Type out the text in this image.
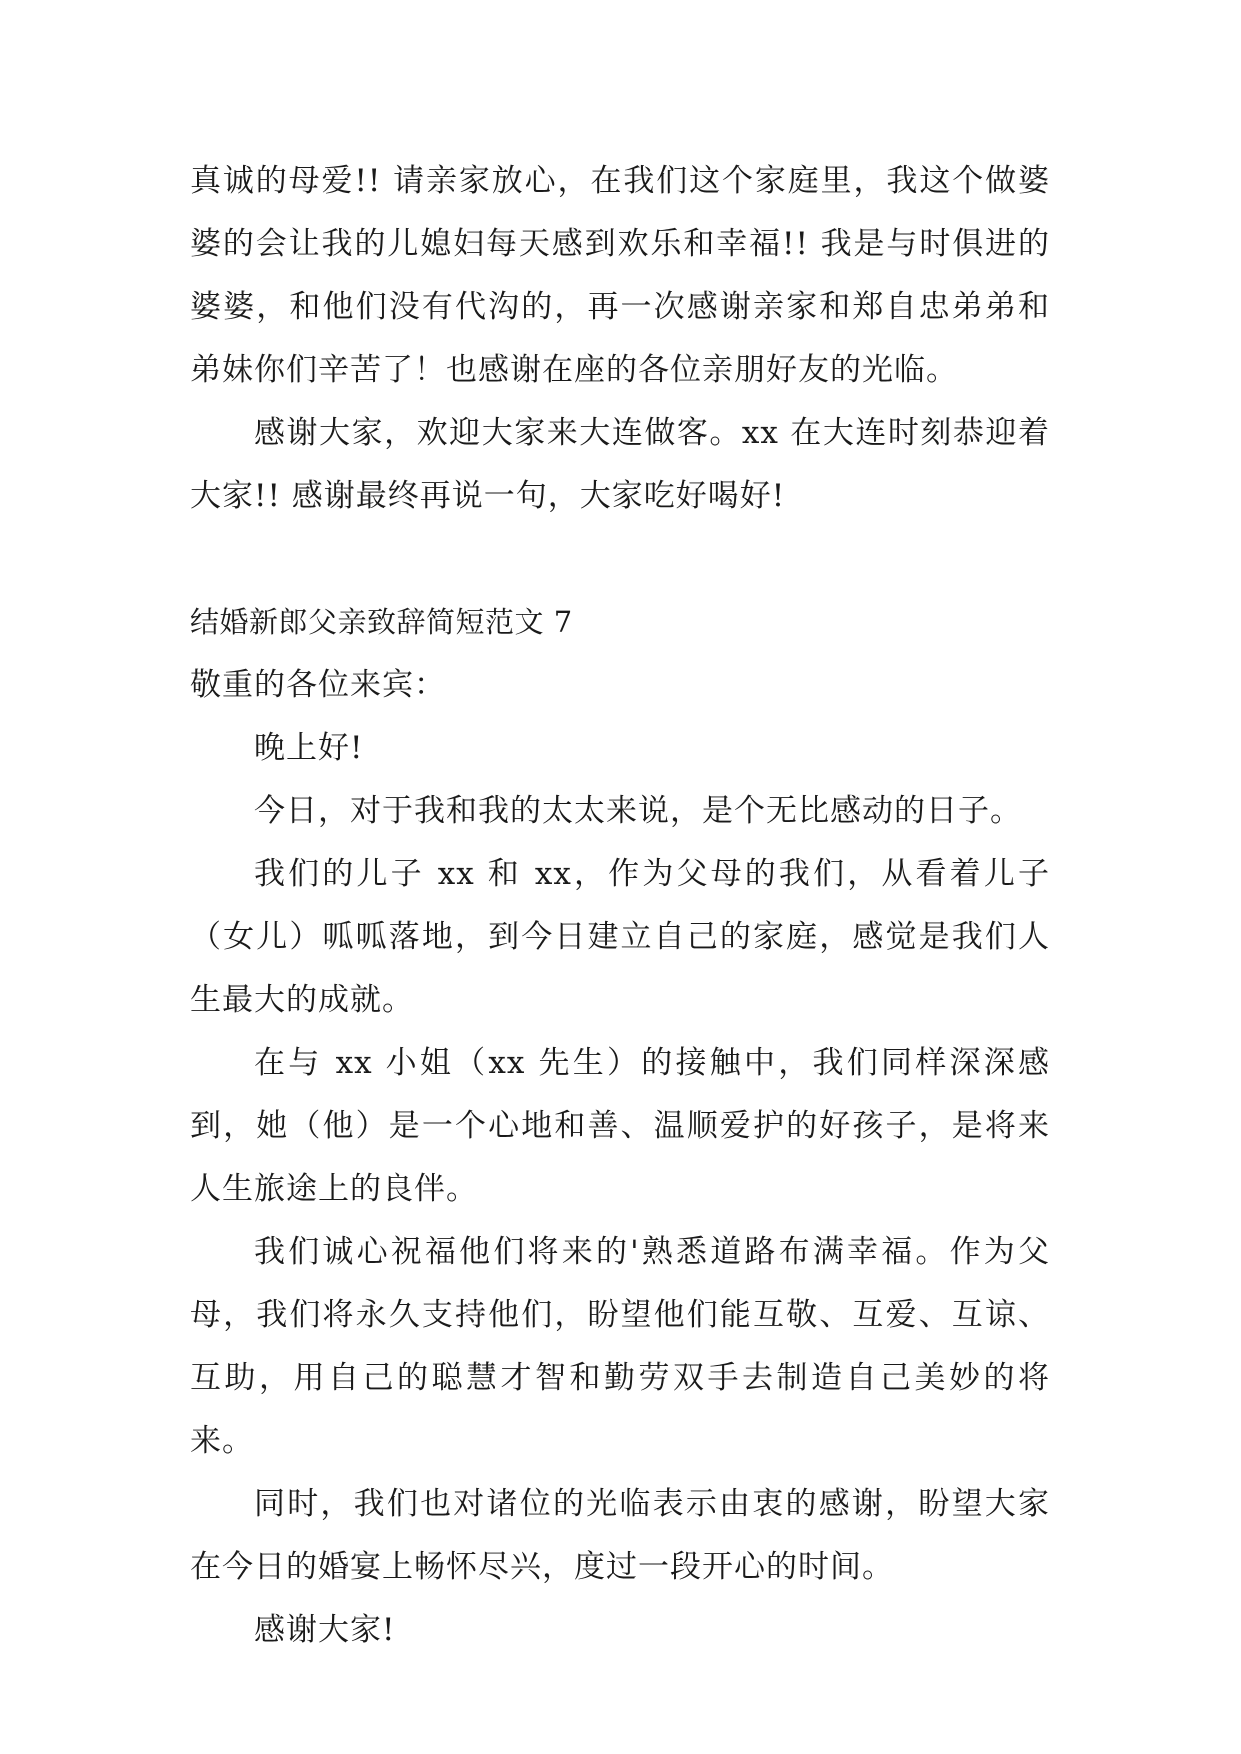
真诚的母爱!! 请亲家放心，在我们这个家庭里，我这个做婆婆的会让我的儿媳妇每天感到欢乐和幸福!! 我是与时俱进的婆婆，和他们没有代沟的，再一次感谢亲家和郑自忠弟弟和弟妹你们辛苦了！也感谢在座的各位亲朋好友的光临。

感谢大家，欢迎大家来大连做客。xx 在大连时刻恭迎着大家!! 感谢最终再说一句，大家吃好喝好!

结婚新郎父亲致辞简短范文 7

敬重的各位来宾：

晚上好!

今日，对于我和我的太太来说，是个无比感动的日子。

我们的儿子 xx 和 xx，作为父母的我们，从看着儿子（女儿）呱呱落地，到今日建立自己的家庭，感觉是我们人生最大的成就。

在与 xx 小姐（xx 先生）的接触中，我们同样深深感到，她（他）是一个心地和善、温顺爱护的好孩子，是将来人生旅途上的良伴。

我们诚心祝福他们将来的'熟悉道路布满幸福。作为父母，我们将永久支持他们，盼望他们能互敬、互爱、互谅、互助，用自己的聪慧才智和勤劳双手去制造自己美妙的将来。

同时，我们也对诸位的光临表示由衷的感谢，盼望大家在今日的婚宴上畅怀尽兴，度过一段开心的时间。

感谢大家!
